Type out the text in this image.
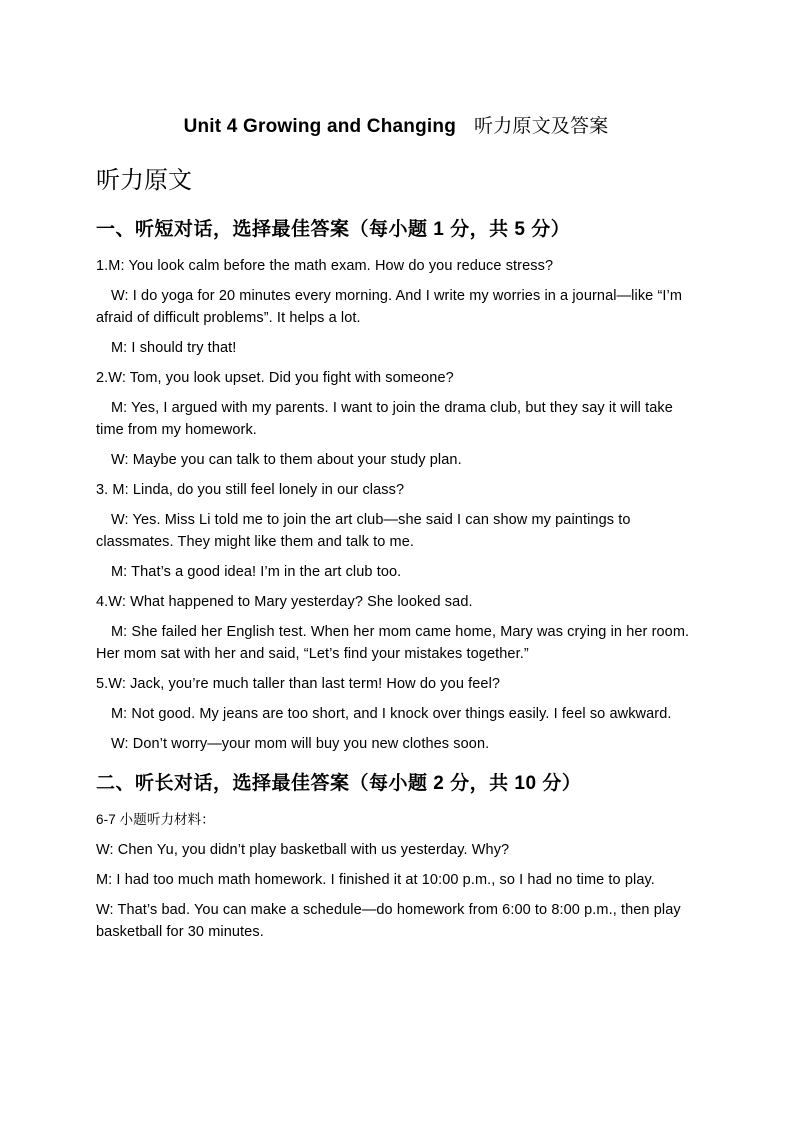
Unit 4 Growing and Changing 听力原文及答案
听力原文
一、听短对话，选择最佳答案（每小题 1 分，共 5 分）
1.M: You look calm before the math exam. How do you reduce stress?
W: I do yoga for 20 minutes every morning. And I write my worries in a journal—like “I’m afraid of difficult problems”. It helps a lot.
M: I should try that!
2.W: Tom, you look upset. Did you fight with someone?
M: Yes, I argued with my parents. I want to join the drama club, but they say it will take time from my homework.
W: Maybe you can talk to them about your study plan.
3. M: Linda, do you still feel lonely in our class?
W: Yes. Miss Li told me to join the art club—she said I can show my paintings to classmates. They might like them and talk to me.
M: That’s a good idea! I’m in the art club too.
4.W: What happened to Mary yesterday? She looked sad.
M: She failed her English test. When her mom came home, Mary was crying in her room. Her mom sat with her and said, “Let’s find your mistakes together.”
5.W: Jack, you’re much taller than last term! How do you feel?
M: Not good. My jeans are too short, and I knock over things easily. I feel so awkward.
W: Don’t worry—your mom will buy you new clothes soon.
二、听长对话，选择最佳答案（每小题 2 分，共 10 分）
6-7 小题听力材料：
W: Chen Yu, you didn’t play basketball with us yesterday. Why?
M: I had too much math homework. I finished it at 10:00 p.m., so I had no time to play.
W: That’s bad. You can make a schedule—do homework from 6:00 to 8:00 p.m., then play basketball for 30 minutes.
